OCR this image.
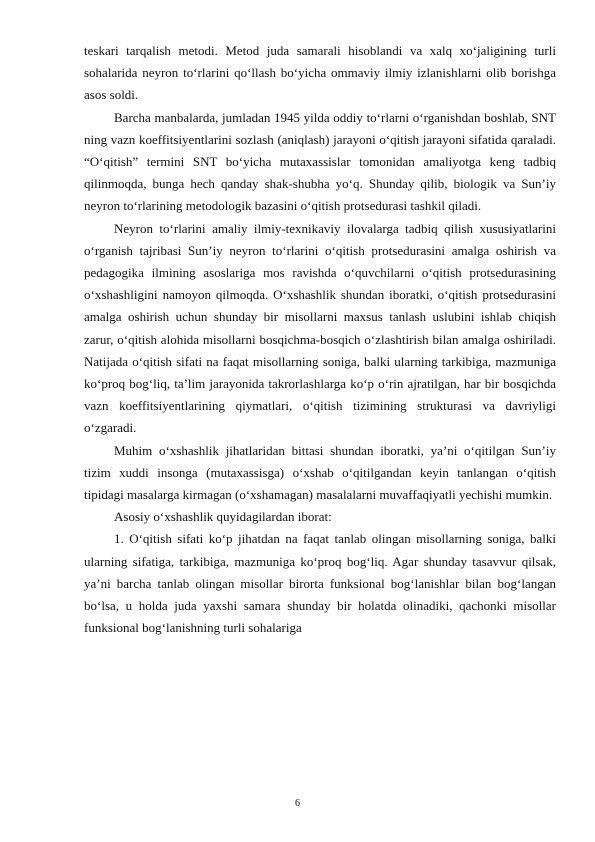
teskari tarqalish metodi. Metod juda samarali hisoblandi va xalq xo‘jaligining turli sohalarida neyron to‘rlarini qo‘llash bo‘yicha ommaviy ilmiy izlanishlarni olib borishga asos soldi.

Barcha manbalarda, jumladan 1945 yilda oddiy to‘rlarni o‘rganishdan boshlab, SNT ning vazn koeffitsiyentlarini sozlash (aniqlash) jarayoni o‘qitish jarayoni sifatida qaraladi. “O‘qitish” termini SNT bo‘yicha mutaxassislar tomonidan amaliyotga keng tadbiq qilinmoqda, bunga hech qanday shak-shubha yo‘q. Shunday qilib, biologik va Sun’iy neyron to‘rlarining metodologik bazasini o‘qitish protsedurasi tashkil qiladi.

Neyron to‘rlarini amaliy ilmiy-texnikaviy ilovalarga tadbiq qilish xususiyatlarini o‘rganish tajribasi Sun’iy neyron to‘rlarini o‘qitish protsedurasini amalga oshirish va pedagogika ilmining asoslariga mos ravishda o‘quvchilarni o‘qitish protsedurasining o‘xshashligini namoyon qilmoqda. O‘xshashlik shundan iboratki, o‘qitish protsedurasini amalga oshirish uchun shunday bir misollarni maxsus tanlash uslubini ishlab chiqish zarur, o‘qitish alohida misollarni bosqichma-bosqich o‘zlashtirish bilan amalga oshiriladi. Natijada o‘qitish sifati na faqat misollarning soniga, balki ularning tarkibiga, mazmuniga ko‘proq bog‘liq, ta’lim jarayonida takrorlashlarga ko‘p o‘rin ajratilgan, har bir bosqichda vazn koeffitsiyentlarining qiymatlari, o‘qitish tizimining strukturasi va davriyligi o‘zgaradi.

Muhim o‘xshashlik jihatlaridan bittasi shundan iboratki, ya’ni o‘qitilgan Sun’iy tizim xuddi insonga (mutaxassisga) o‘xshab o‘qitilgandan keyin tanlangan o‘qitish tipidagi masalarga kirmagan (o‘xshamagan) masalalarni muvaffaqiyatli yechishi mumkin.

Asosiy o‘xshashlik quyidagilardan iborat:

1. O‘qitish sifati ko‘p jihatdan na faqat tanlab olingan misollarning soniga, balki ularning sifatiga, tarkibiga, mazmuniga ko‘proq bog‘liq. Agar shunday tasavvur qilsak, ya’ni barcha tanlab olingan misollar birorta funksional bog‘lanishlar bilan bog‘langan bo‘lsa, u holda juda yaxshi samara shunday bir holatda olinadiki, qachonki misollar funksional bog‘lanishning turli sohalariga

6
